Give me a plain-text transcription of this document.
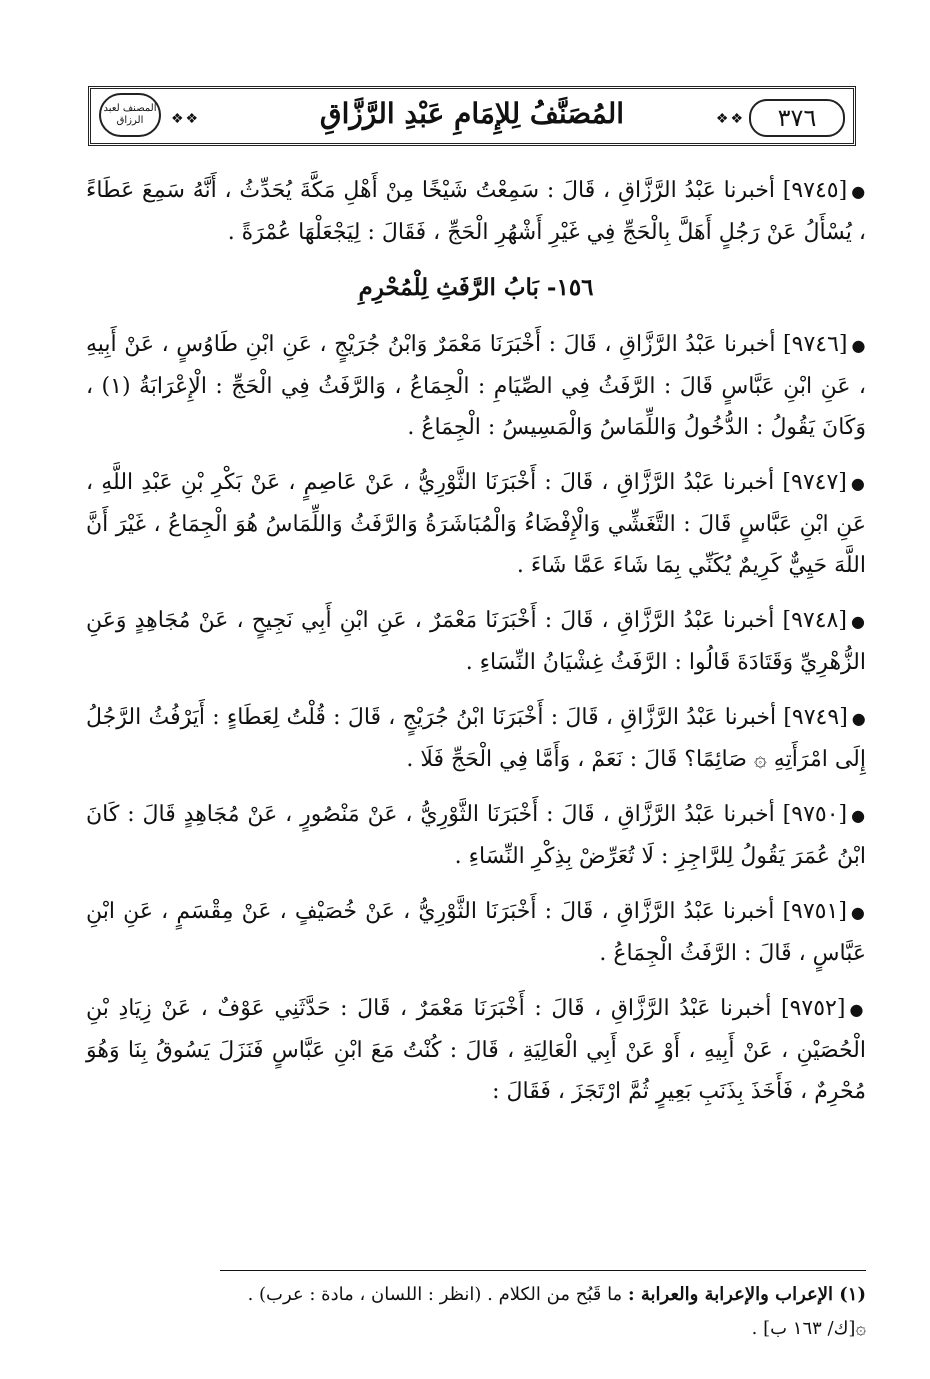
المصنف لعبد الرزاق	❖❖	المُصَنَّفُ لِلإِمَامِ عَبْدِ الرَّزَّاقِ	❖❖	٣٧٦

●[٩٧٤٥] أخبرنا عَبْدُ الرَّزَّاقِ ، قَالَ : سَمِعْتُ شَيْخًا مِنْ أَهْلِ مَكَّةَ يُحَدِّثُ ، أَنَّهُ سَمِعَ عَطَاءً ، يُسْأَلُ عَنْ رَجُلٍ أَهَلَّ بِالْحَجِّ فِي غَيْرِ أَشْهُرِ الْحَجِّ ، فَقَالَ : لِيَجْعَلْهَا عُمْرَةً .

١٥٦- بَابُ الرَّفَثِ لِلْمُحْرِمِ

●[٩٧٤٦] أخبرنا عَبْدُ الرَّزَّاقِ ، قَالَ : أَخْبَرَنَا مَعْمَرٌ وَابْنُ جُرَيْجٍ ، عَنِ ابْنِ طَاوُسٍ ، عَنْ أَبِيهِ ، عَنِ ابْنِ عَبَّاسٍ قَالَ : الرَّفَثُ فِي الصِّيَامِ : الْجِمَاعُ ، وَالرَّفَثُ فِي الْحَجِّ : الْإِعْرَابَةُ (١) ، وَكَانَ يَقُولُ : الدُّخُولُ وَاللِّمَاسُ وَالْمَسِيسُ : الْجِمَاعُ .

●[٩٧٤٧] أخبرنا عَبْدُ الرَّزَّاقِ ، قَالَ : أَخْبَرَنَا الثَّوْرِيُّ ، عَنْ عَاصِمٍ ، عَنْ بَكْرِ بْنِ عَبْدِ اللَّهِ ، عَنِ ابْنِ عَبَّاسٍ قَالَ : التَّغَشِّي وَالْإِفْضَاءُ وَالْمُبَاشَرَةُ وَالرَّفَثُ وَاللِّمَاسُ هُوَ الْجِمَاعُ ، غَيْرَ أَنَّ اللَّهَ حَيِيٌّ كَرِيمٌ يُكَنِّي بِمَا شَاءَ عَمَّا شَاءَ .

●[٩٧٤٨] أخبرنا عَبْدُ الرَّزَّاقِ ، قَالَ : أَخْبَرَنَا مَعْمَرٌ ، عَنِ ابْنِ أَبِي نَجِيحٍ ، عَنْ مُجَاهِدٍ وَعَنِ الزُّهْرِيِّ وَقَتَادَةَ قَالُوا : الرَّفَثُ غِشْيَانُ النِّسَاءِ .

●[٩٧٤٩] أخبرنا عَبْدُ الرَّزَّاقِ ، قَالَ : أَخْبَرَنَا ابْنُ جُرَيْجٍ ، قَالَ : قُلْتُ لِعَطَاءٍ : أَيَرْفُثُ الرَّجُلُ إِلَى امْرَأَتِهِ ۞ صَائِمًا؟ قَالَ : نَعَمْ ، وَأَمَّا فِي الْحَجِّ فَلَا .

●[٩٧٥٠] أخبرنا عَبْدُ الرَّزَّاقِ ، قَالَ : أَخْبَرَنَا الثَّوْرِيُّ ، عَنْ مَنْصُورٍ ، عَنْ مُجَاهِدٍ قَالَ : كَانَ ابْنُ عُمَرَ يَقُولُ لِلرَّاجِزِ : لَا تُعَرِّضْ بِذِكْرِ النِّسَاءِ .

●[٩٧٥١] أخبرنا عَبْدُ الرَّزَّاقِ ، قَالَ : أَخْبَرَنَا الثَّوْرِيُّ ، عَنْ خُصَيْفٍ ، عَنْ مِقْسَمٍ ، عَنِ ابْنِ عَبَّاسٍ ، قَالَ : الرَّفَثُ الْجِمَاعُ .

●[٩٧٥٢] أخبرنا عَبْدُ الرَّزَّاقِ ، قَالَ : أَخْبَرَنَا مَعْمَرٌ ، قَالَ : حَدَّثَنِي عَوْفٌ ، عَنْ زِيَادِ بْنِ الْحُصَيْنِ ، عَنْ أَبِيهِ ، أَوْ عَنْ أَبِي الْعَالِيَةِ ، قَالَ : كُنْتُ مَعَ ابْنِ عَبَّاسٍ فَنَزَلَ يَسُوقُ بِنَا وَهُوَ مُحْرِمٌ ، فَأَخَذَ بِذَنَبِ بَعِيرٍ ثُمَّ ارْتَجَزَ ، فَقَالَ :

(١) الإعراب والإعرابة والعرابة : ما قَبُح من الكلام . (انظر : اللسان ، مادة : عرب) .
۞[ك/ ١٦٣ ب] .
